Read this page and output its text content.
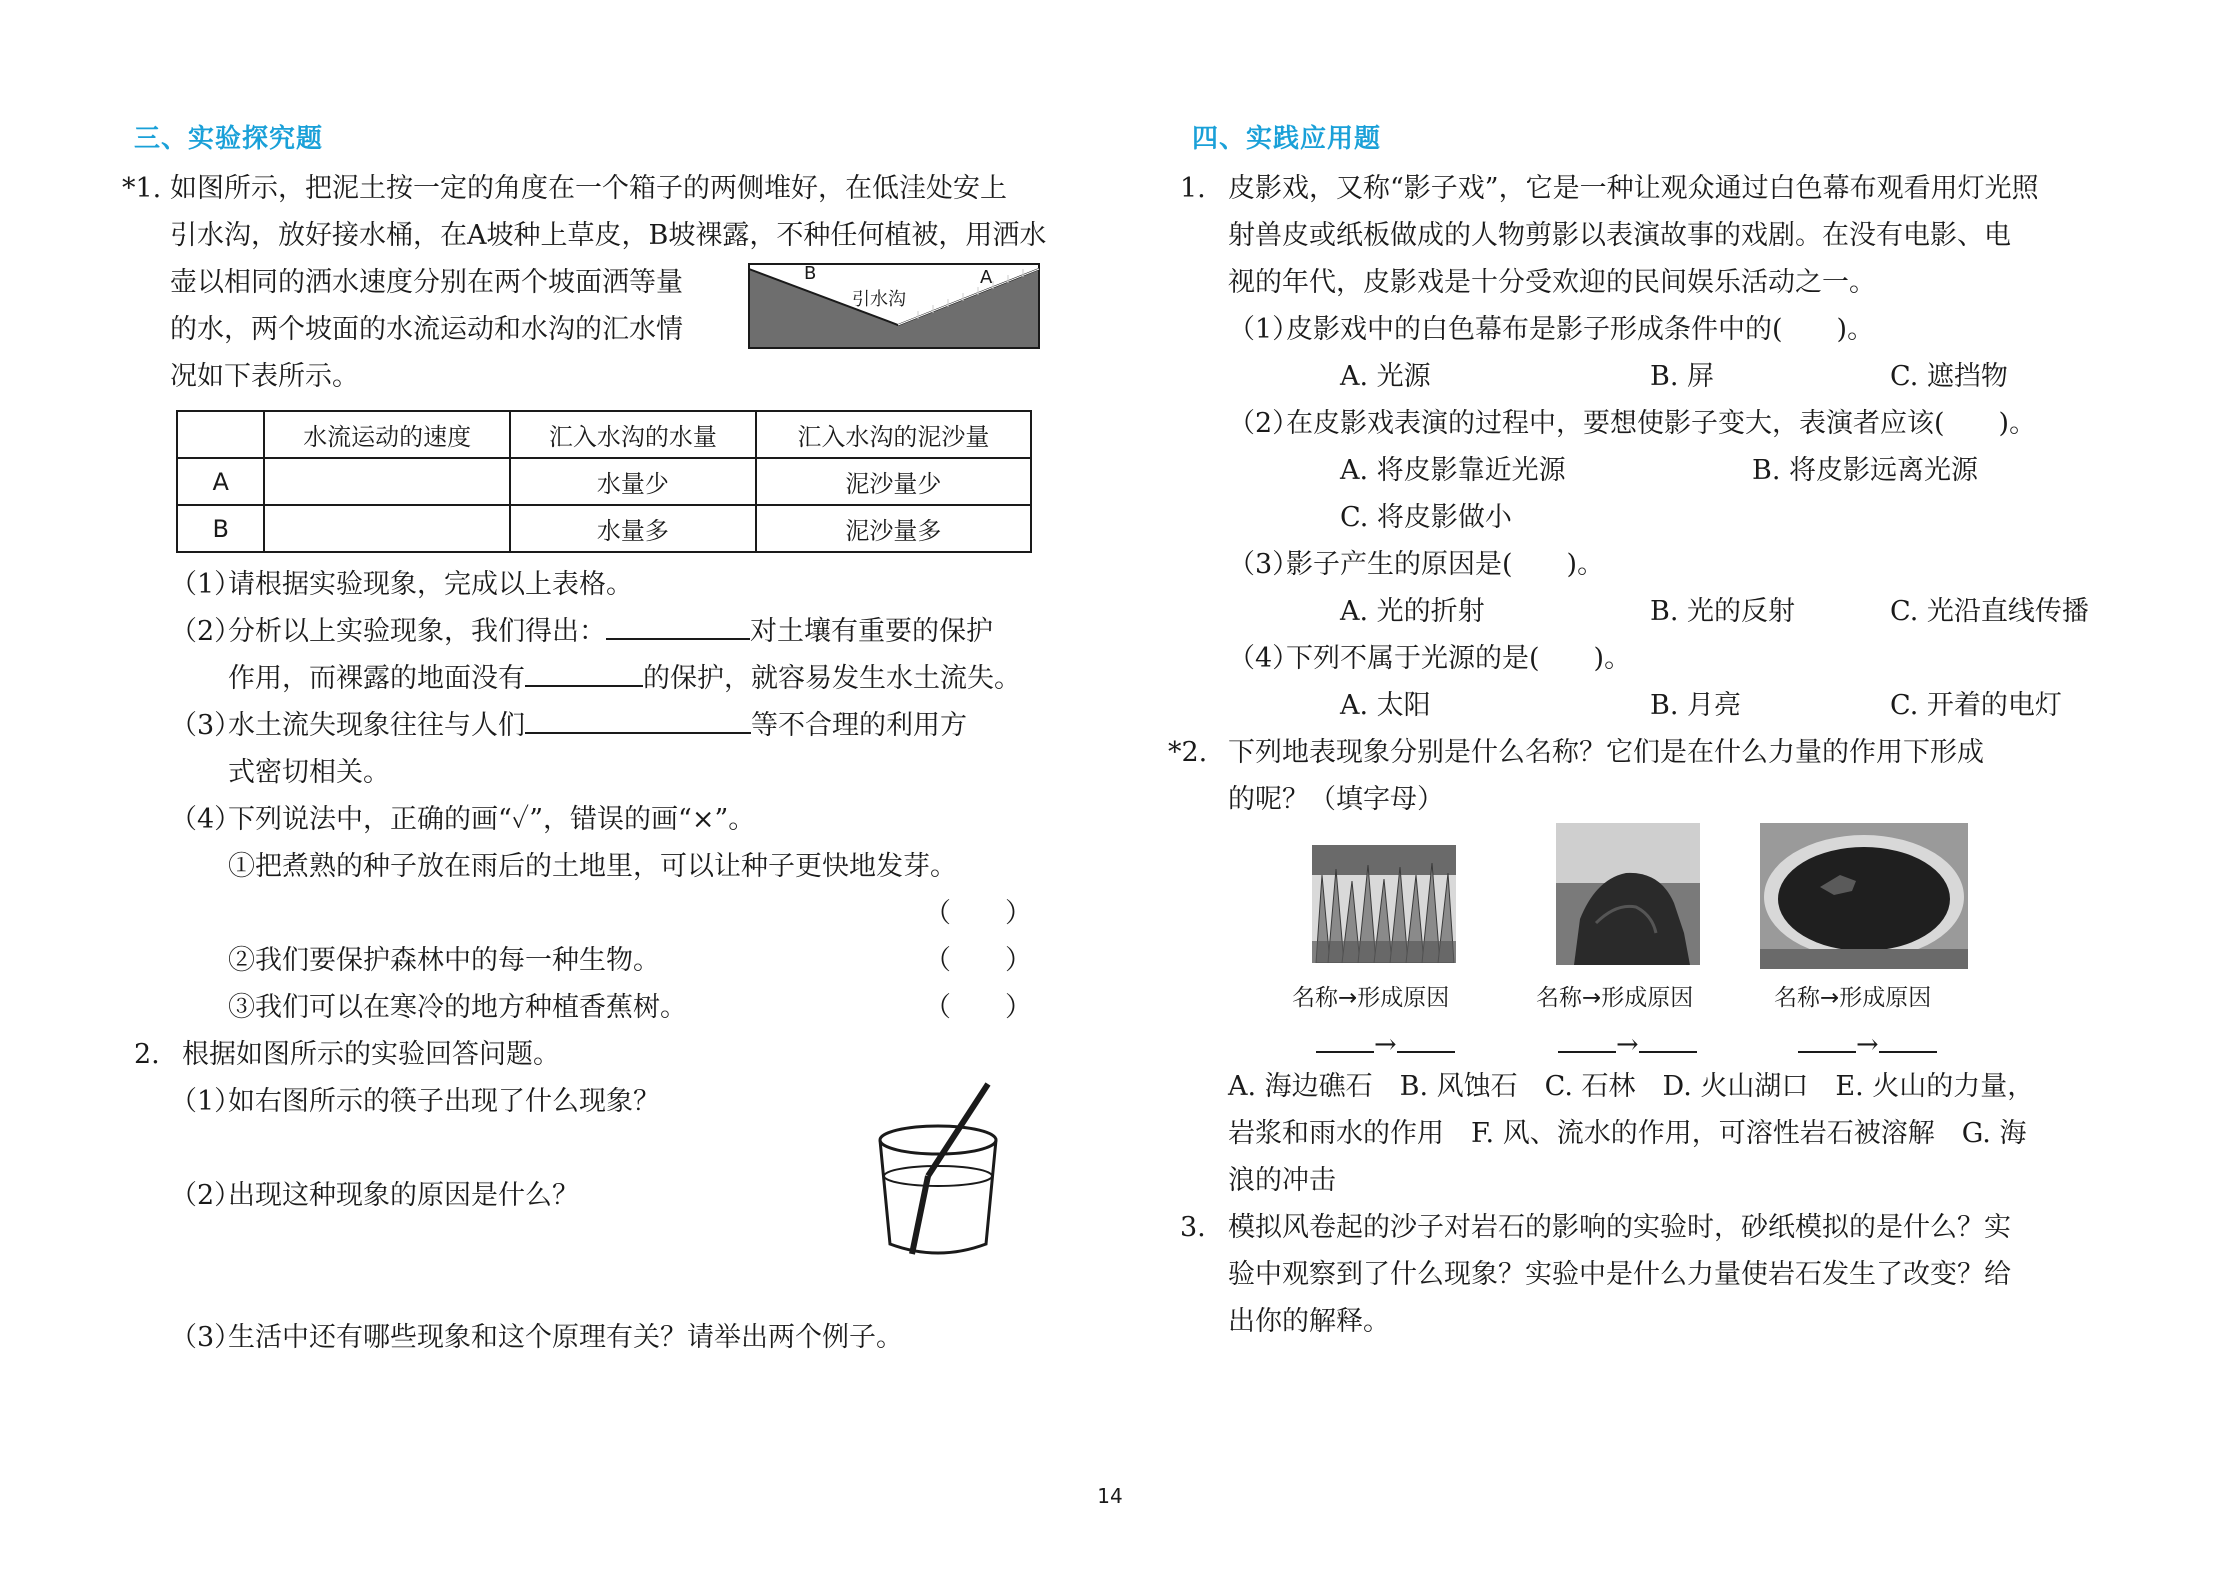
三、实验探究题
*1. 如图所示，把泥土按一定的角度在一个箱子的两侧堆好，在低洼处安上
引水沟，放好接水桶，在A坡种上草皮，B坡裸露，不种任何植被，用洒水
壶以相同的洒水速度分别在两个坡面洒等量
的水，两个坡面的水流运动和水沟的汇水情
况如下表所示。
B	A
引水沟
	水流运动的速度	汇入水沟的水量	汇入水沟的泥沙量
A		水量少	泥沙量少
B		水量多	泥沙量多
（1）
请根据实验现象，完成以上表格。
（2）
分析以上实验现象，我们得出：	对土壤有重要的保护
作用，而裸露的地面没有	的保护，就容易发生水土流失。
（3）
水土流失现象往往与人们	等不合理的利用方
式密切相关。
（4）
下列说法中，正确的画“✓”，错误的画“×”。
①把煮熟的种子放在雨后的土地里，可以让种子更快地发芽。
（　　）
②我们要保护森林中的每一种生物。	（　　）
③我们可以在寒冷的地方种植香蕉树。	（　　）
2. 根据如图所示的实验回答问题。
（1）
如右图所示的筷子出现了什么现象？
（2）
出现这种现象的原因是什么？
（3）
生活中还有哪些现象和这个原理有关？请举出两个例子。
四、实践应用题
1. 皮影戏，又称“影子戏”，它是一种让观众通过白色幕布观看用灯光照
射兽皮或纸板做成的人物剪影以表演故事的戏剧。在没有电影、电
视的年代，皮影戏是十分受欢迎的民间娱乐活动之一。
（1）
皮影戏中的白色幕布是影子形成条件中的(　　)。
A. 光源	B. 屏	C. 遮挡物
（2）
在皮影戏表演的过程中，要想使影子变大，表演者应该(　　)。
A. 将皮影靠近光源	B. 将皮影远离光源
C. 将皮影做小
（3）
影子产生的原因是(　　)。
A. 光的折射	B. 光的反射	C. 光沿直线传播
（4）
下列不属于光源的是(　　)。
A. 太阳	B. 月亮	C. 开着的电灯
*2. 下列地表现象分别是什么名称？它们是在什么力量的作用下形成
的呢？（填字母）
名称→形成原因	名称→形成原因	名称→形成原因
→	→	→
A. 海边礁石　B. 风蚀石　C. 石林　D. 火山湖口　E. 火山的力量，
岩浆和雨水的作用　F. 风、流水的作用，可溶性岩石被溶解　G. 海
浪的冲击
3. 模拟风卷起的沙子对岩石的影响的实验时，砂纸模拟的是什么？实
验中观察到了什么现象？实验中是什么力量使岩石发生了改变？给
出你的解释。
14
